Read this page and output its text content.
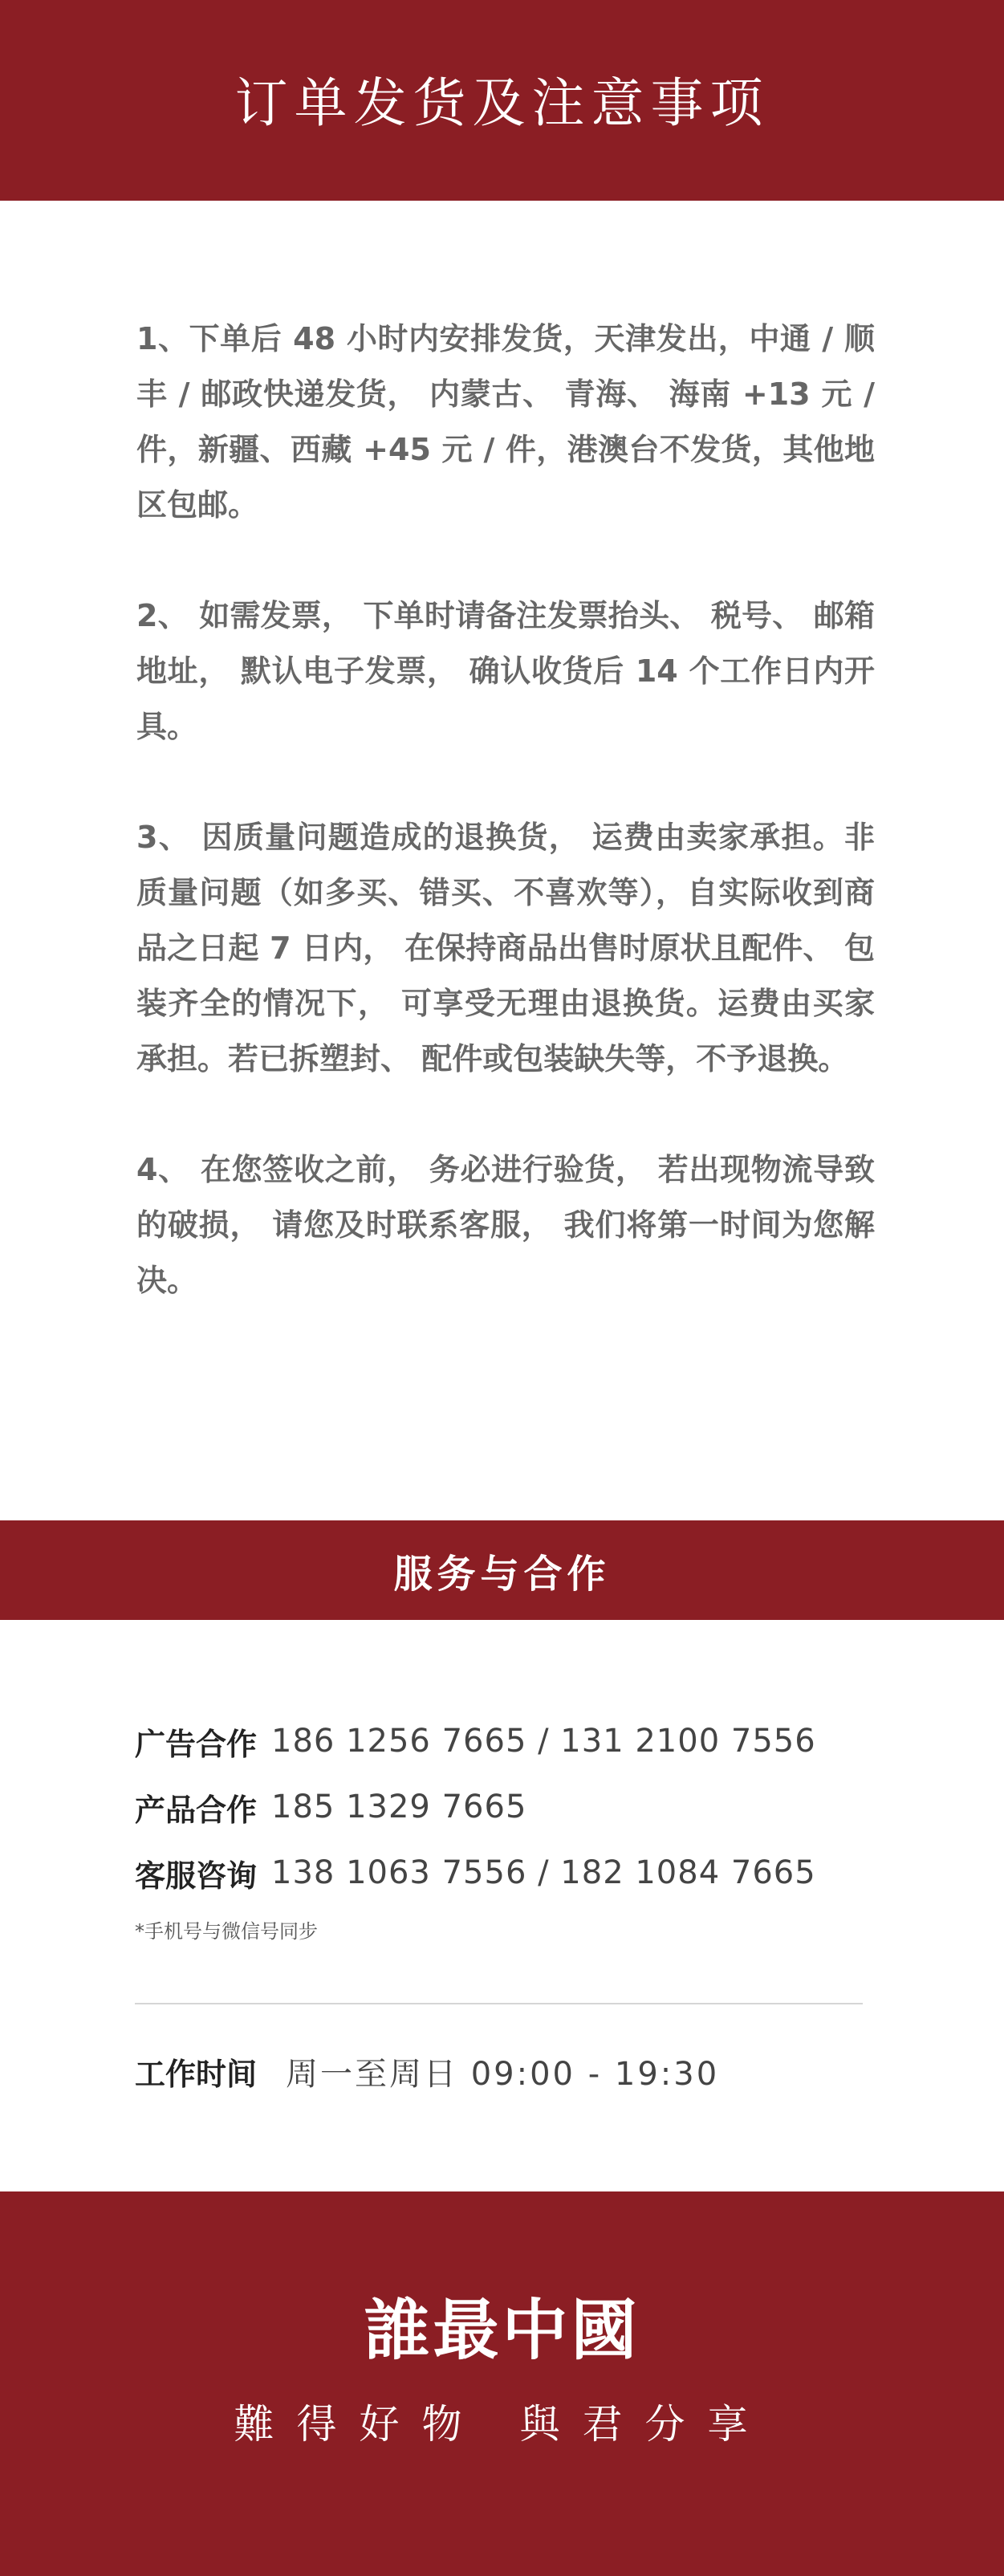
订单发货及注意事项

1、下单后 48 小时内安排发货，天津发出，中通 / 顺丰 / 邮政快递发货， 内蒙古、 青海、 海南 +13 元 / 件，新疆、西藏 +45 元 / 件，港澳台不发货，其他地区包邮。

2、 如需发票， 下单时请备注发票抬头、 税号、 邮箱地址， 默认电子发票， 确认收货后 14 个工作日内开具。

3、 因质量问题造成的退换货， 运费由卖家承担。非质量问题（如多买、错买、不喜欢等），自实际收到商品之日起 7 日内， 在保持商品出售时原状且配件、 包装齐全的情况下， 可享受无理由退换货。运费由买家承担。若已拆塑封、 配件或包装缺失等，不予退换。

4、 在您签收之前， 务必进行验货， 若出现物流导致的破损， 请您及时联系客服， 我们将第一时间为您解决。

服务与合作
广告合作 186 1256 7665 / 131 2100 7556
产品合作 185 1329 7665
客服咨询 138 1063 7556 / 182 1084 7665
*手机号与微信号同步
工作时间 周一至周日 09:00 - 19:30
誰最中國

難得好物 與君分享
